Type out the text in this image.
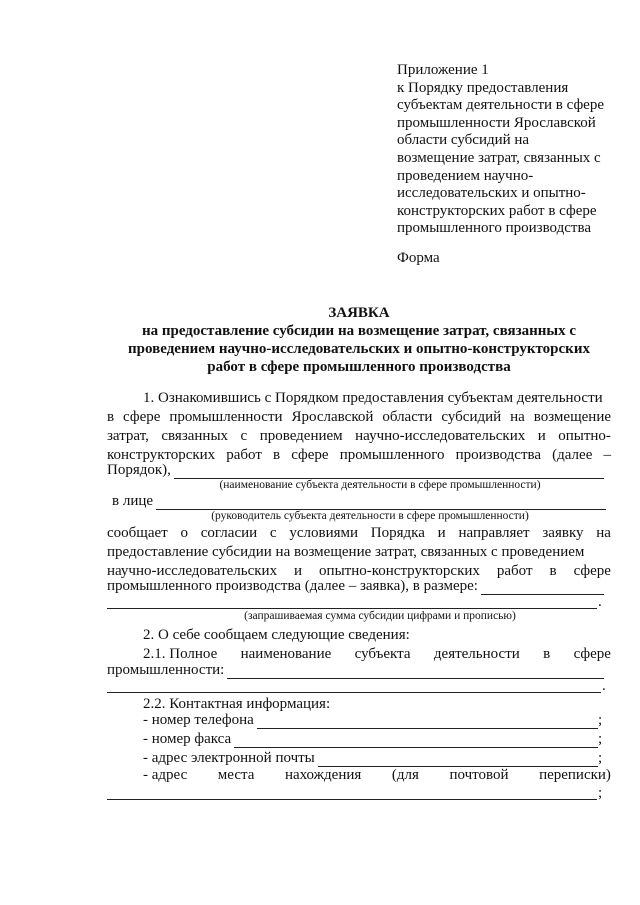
Приложение 1
к Порядку предоставления
субъектам деятельности в сфере
промышленности Ярославской
области субсидий на
возмещение затрат, связанных с
проведением научно-
исследовательских и опытно-
конструкторских работ в сфере
промышленного производства
Форма
ЗАЯВКА
на предоставление субсидии на возмещение затрат, связанных с
проведением научно-исследовательских и опытно-конструкторских
работ в сфере промышленного производства
1. Ознакомившись с Порядком предоставления субъектам деятельности
в сфере промышленности Ярославской области субсидий на возмещение
затрат, связанных с проведением научно-исследовательских и опытно-
конструкторских работ в сфере промышленного производства (далее –
Порядок),
(наименование субъекта деятельности в сфере промышленности)
в лице
(руководитель субъекта деятельности в сфере промышленности)
сообщает о согласии с условиями Порядка и направляет заявку на
предоставление субсидии на возмещение затрат, связанных с проведением
научно-исследовательских и опытно-конструкторских работ в сфере
промышленного производства (далее – заявка), в размере:
.
(запрашиваемая сумма субсидии цифрами и прописью)
2. О себе сообщаем следующие сведения:
2.1. Полное наименование субъекта деятельности в сфере
промышленности:
.
2.2. Контактная информация:
- номер телефона	;
- номер факса	;
- адрес электронной почты	;
- адрес места нахождения (для почтовой переписки)
;
